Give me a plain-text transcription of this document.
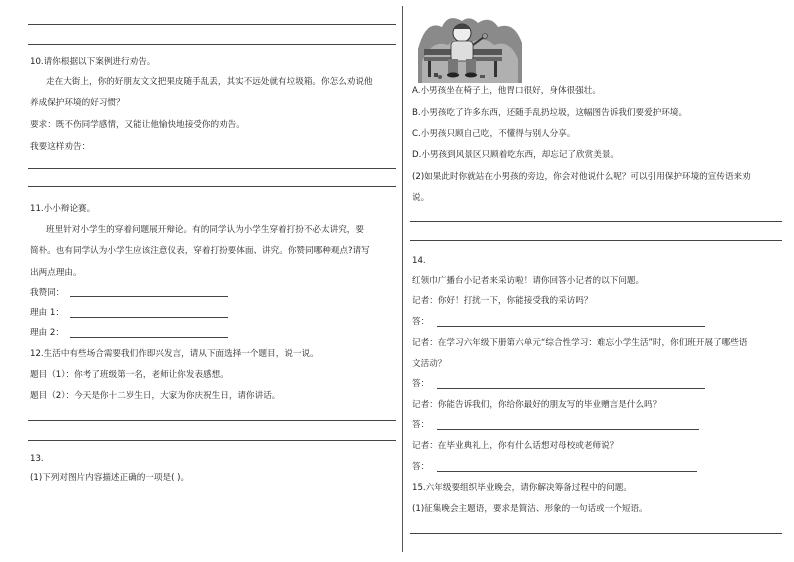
10.请你根据以下案例进行劝告。
走在大街上，你的好朋友文文把果皮随手乱丢，其实不远处就有垃圾箱。你怎么劝说他
养成保护环境的好习惯？
要求：既不伤同学感情，又能让他愉快地接受你的劝告。
我要这样劝告：
11.小小辩论赛。
班里针对小学生的穿着问题展开辩论。有的同学认为小学生穿着打扮不必太讲究，要
简朴。也有同学认为小学生应该注意仪表，穿着打扮要体面、讲究。你赞同哪种观点?请写
出两点理由。
我赞同：
理由 1：
理由 2：
12.生活中有些场合需要我们作即兴发言，请从下面选择一个题目，说一说。
题目（1）：你考了班级第一名，老师让你发表感想。
题目（2）：今天是你十二岁生日，大家为你庆祝生日，请你讲话。
13.
(1)下列对图片内容描述正确的一项是( )。
A.小男孩坐在椅子上，他胃口很好，身体很强壮。
B.小男孩吃了许多东西，还随手乱扔垃圾，这幅图告诉我们要爱护环境。
C.小男孩只顾自己吃，不懂得与别人分享。
D.小男孩到风景区只顾着吃东西，却忘记了欣赏美景。
(2)如果此时你就站在小男孩的旁边，你会对他说什么呢？可以引用保护环境的宣传语来劝
说。
14.
红领巾广播台小记者来采访啦！请你回答小记者的以下问题。
记者：你好！打扰一下，你能接受我的采访吗？
答：
记者：在学习六年级下册第六单元“综合性学习：难忘小学生活”时，你们班开展了哪些语
文活动？
答：
记者：你能告诉我们，你给你最好的朋友写的毕业赠言是什么吗？
答：
记者：在毕业典礼上，你有什么话想对母校或老师说？
答：
15.六年级要组织毕业晚会，请你解决筹备过程中的问题。
(1)征集晚会主题语，要求是简洁、形象的一句话或一个短语。
